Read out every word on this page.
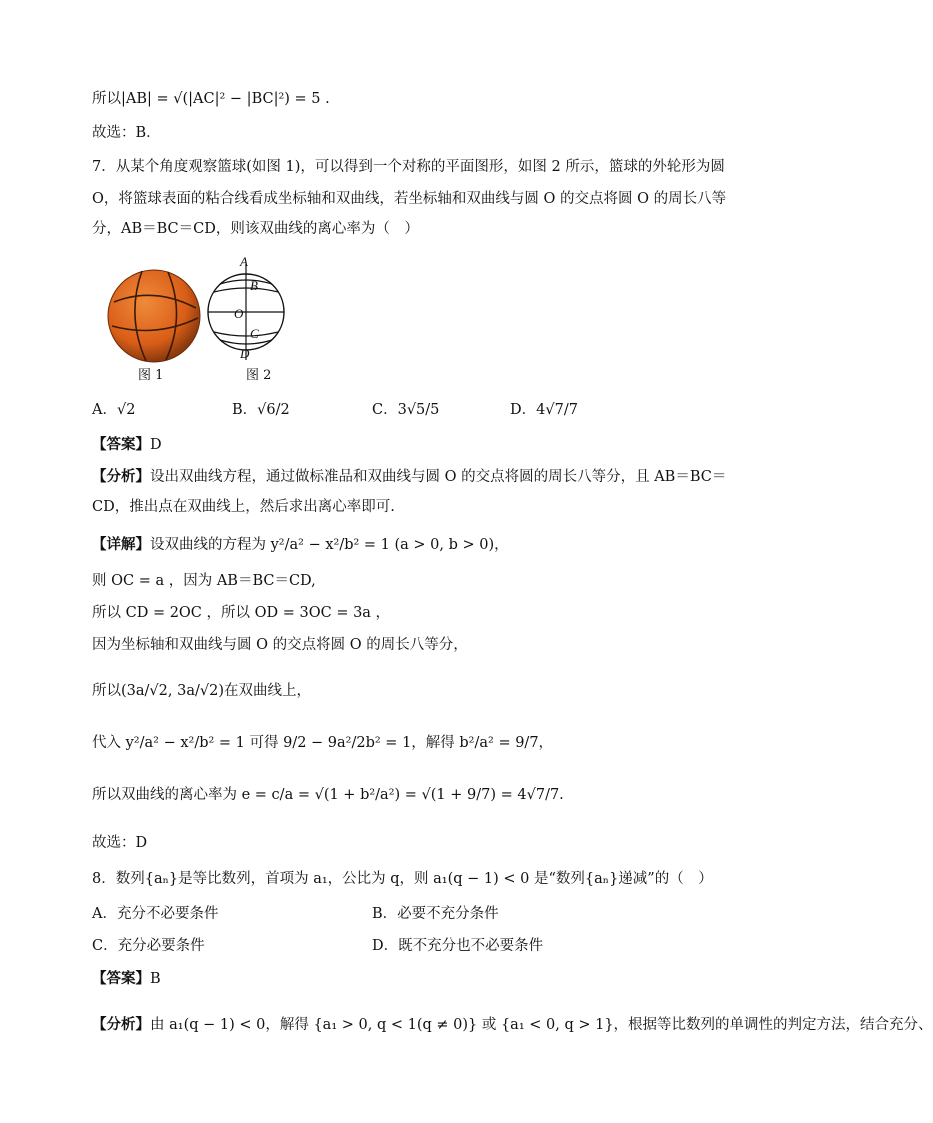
所以|AB| = √(|AC|² − |BC|²) = 5 .
故选：B．
7．从某个角度观察篮球(如图 1)，可以得到一个对称的平面图形，如图 2 所示，篮球的外轮形为圆
O，将篮球表面的粘合线看成坐标轴和双曲线，若坐标轴和双曲线与圆 O 的交点将圆 O 的周长八等
分，AB＝BC＝CD，则该双曲线的离心率为（　）
图 1
A
B
O
C
D
图 2
A．√2	B．√6/2	C．3√5/5	D．4√7/7
【答案】D
【分析】设出双曲线方程，通过做标准品和双曲线与圆 O 的交点将圆的周长八等分，且 AB＝BC＝
CD，推出点在双曲线上，然后求出离心率即可.
【详解】设双曲线的方程为 y²/a² − x²/b² = 1 (a > 0, b > 0)，
则 OC = a ，因为 AB＝BC＝CD,
所以 CD = 2OC ，所以 OD = 3OC = 3a ，
因为坐标轴和双曲线与圆 O 的交点将圆 O 的周长八等分，
所以(3a/√2, 3a/√2)在双曲线上，
代入 y²/a² − x²/b² = 1 可得 9/2 − 9a²/2b² = 1，解得 b²/a² = 9/7，
所以双曲线的离心率为 e = c/a = √(1 + b²/a²) = √(1 + 9/7) = 4√7/7.
故选：D
8．数列{aₙ}是等比数列，首项为 a₁，公比为 q，则 a₁(q − 1) < 0 是“数列{aₙ}递减”的（　）
A．充分不必要条件	B．必要不充分条件
C．充分必要条件	D．既不充分也不必要条件
【答案】B
【分析】由 a₁(q − 1) < 0，解得 {a₁ > 0, q < 1(q ≠ 0)} 或 {a₁ < 0, q > 1}，根据等比数列的单调性的判定方法，结合充分、
